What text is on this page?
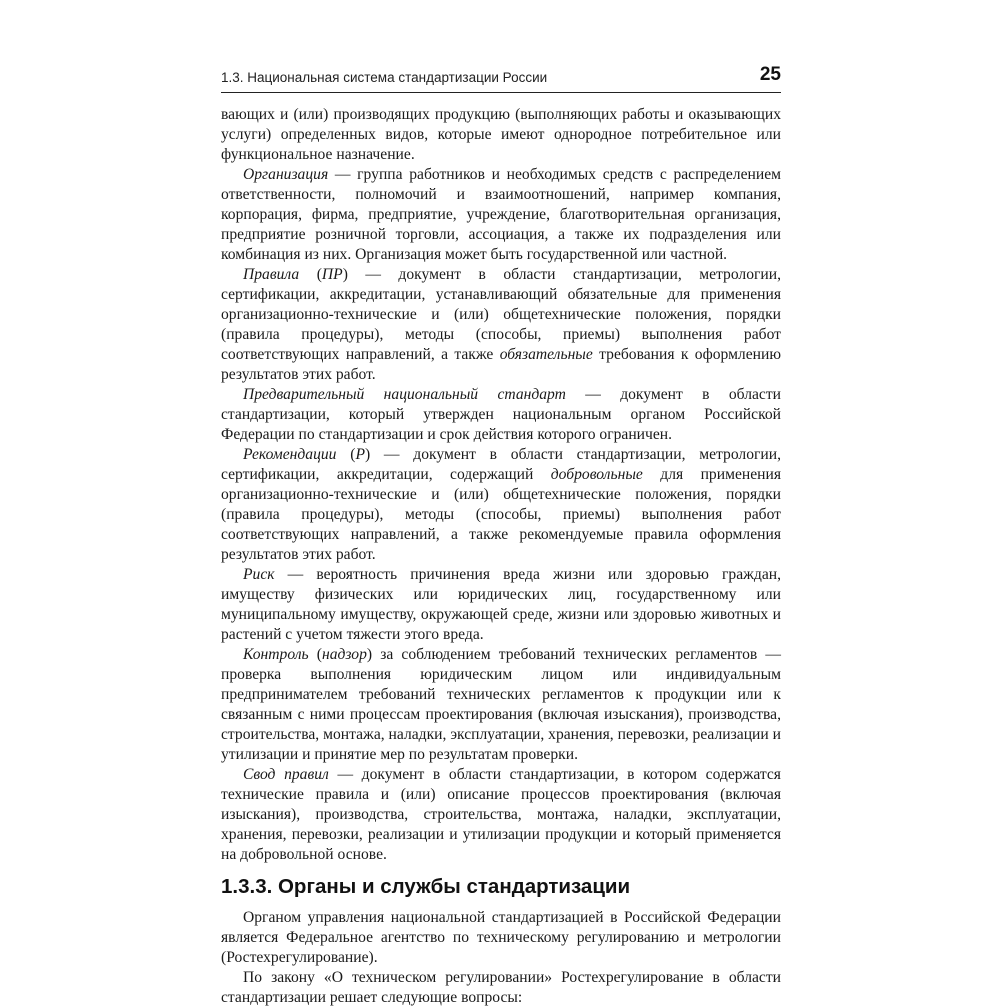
1.3. Национальная система стандартизации России	25

вающих и (или) производящих продукцию (выполняющих работы и оказывающих услуги) определенных видов, которые имеют однородное потребительное или функциональное назначение.

Организация — группа работников и необходимых средств с распределением ответственности, полномочий и взаимоотношений, например компания, корпорация, фирма, предприятие, учреждение, благотворительная организация, предприятие розничной торговли, ассоциация, а также их подразделения или комбинация из них. Организация может быть государственной или частной.

Правила (ПР) — документ в области стандартизации, метрологии, сертификации, аккредитации, устанавливающий обязательные для применения организационно-технические и (или) общетехнические положения, порядки (правила процедуры), методы (способы, приемы) выполнения работ соответствующих направлений, а также обязательные требования к оформлению результатов этих работ.

Предварительный национальный стандарт — документ в области стандартизации, который утвержден национальным органом Российской Федерации по стандартизации и срок действия которого ограничен.

Рекомендации (Р) — документ в области стандартизации, метрологии, сертификации, аккредитации, содержащий добровольные для применения организационно-технические и (или) общетехнические положения, порядки (правила процедуры), методы (способы, приемы) выполнения работ соответствующих направлений, а также рекомендуемые правила оформления результатов этих работ.

Риск — вероятность причинения вреда жизни или здоровью граждан, имуществу физических или юридических лиц, государственному или муниципальному имуществу, окружающей среде, жизни или здоровью животных и растений с учетом тяжести этого вреда.

Контроль (надзор) за соблюдением требований технических регламентов — проверка выполнения юридическим лицом или индивидуальным предпринимателем требований технических регламентов к продукции или к связанным с ними процессам проектирования (включая изыскания), производства, строительства, монтажа, наладки, эксплуатации, хранения, перевозки, реализации и утилизации и принятие мер по результатам проверки.

Свод правил — документ в области стандартизации, в котором содержатся технические правила и (или) описание процессов проектирования (включая изыскания), производства, строительства, монтажа, наладки, эксплуатации, хранения, перевозки, реализации и утилизации продукции и который применяется на добровольной основе.

1.3.3. Органы и службы стандартизации

Органом управления национальной стандартизацией в Российской Федерации является Федеральное агентство по техническому регулированию и метрологии (Ростехрегулирование).

По закону «О техническом регулировании» Ростехрегулирование в области стандартизации решает следующие вопросы:
